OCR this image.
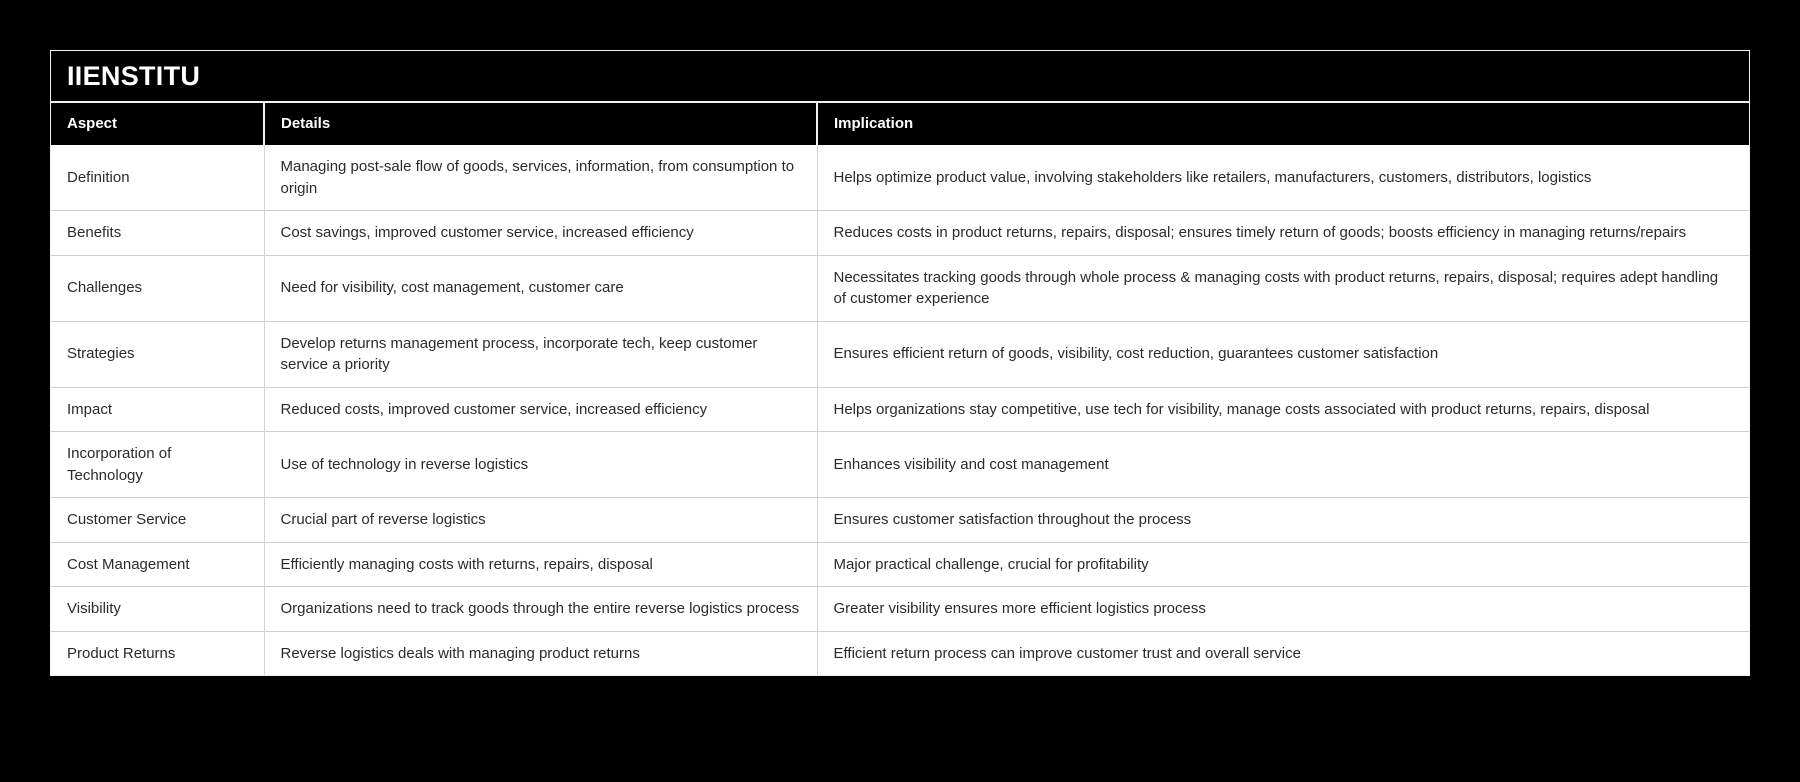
IIENSTITU
Aspect	Details	Implication
Definition	Managing post-sale flow of goods, services, information, from consumption to origin	Helps optimize product value, involving stakeholders like retailers, manufacturers, customers, distributors, logistics
Benefits	Cost savings, improved customer service, increased efficiency	Reduces costs in product returns, repairs, disposal; ensures timely return of goods; boosts efficiency in managing returns/repairs
Challenges	Need for visibility, cost management, customer care	Necessitates tracking goods through whole process & managing costs with product returns, repairs, disposal; requires adept handling of customer experience
Strategies	Develop returns management process, incorporate tech, keep customer service a priority	Ensures efficient return of goods, visibility, cost reduction, guarantees customer satisfaction
Impact	Reduced costs, improved customer service, increased efficiency	Helps organizations stay competitive, use tech for visibility, manage costs associated with product returns, repairs, disposal
Incorporation of Technology	Use of technology in reverse logistics	Enhances visibility and cost management
Customer Service	Crucial part of reverse logistics	Ensures customer satisfaction throughout the process
Cost Management	Efficiently managing costs with returns, repairs, disposal	Major practical challenge, crucial for profitability
Visibility	Organizations need to track goods through the entire reverse logistics process	Greater visibility ensures more efficient logistics process
Product Returns	Reverse logistics deals with managing product returns	Efficient return process can improve customer trust and overall service
